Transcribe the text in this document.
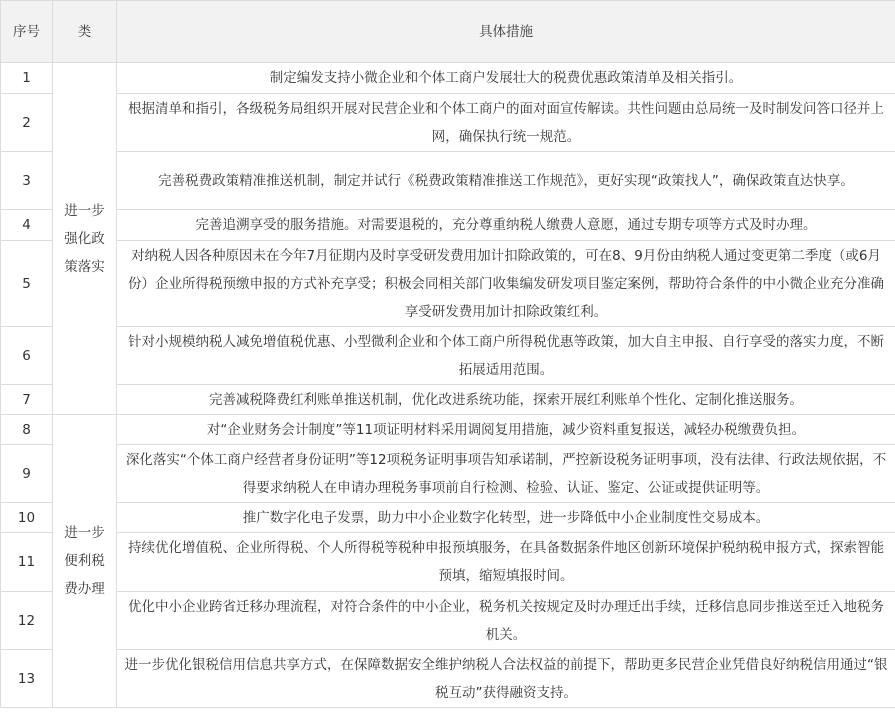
序号	类	具体措施
1	进一步强化政策落实	制定编发支持小微企业和个体工商户发展壮大的税费优惠政策清单及相关指引。
2		根据清单和指引，各级税务局组织开展对民营企业和个体工商户的面对面宣传解读。共性问题由总局统一及时制发问答口径并上网，确保执行统一规范。
3		完善税费政策精准推送机制，制定并试行《税费政策精准推送工作规范》，更好实现“政策找人”，确保政策直达快享。
4		完善追溯享受的服务措施。对需要退税的，充分尊重纳税人缴费人意愿，通过专期专项等方式及时办理。
5		对纳税人因各种原因未在今年7月征期内及时享受研发费用加计扣除政策的，可在8、9月份由纳税人通过变更第二季度（或6月份）企业所得税预缴申报的方式补充享受；积极会同相关部门收集编发研发项目鉴定案例，帮助符合条件的中小微企业充分准确享受研发费用加计扣除政策红利。
6		针对小规模纳税人减免增值税优惠、小型微利企业和个体工商户所得税优惠等政策，加大自主申报、自行享受的落实力度，不断拓展适用范围。
7		完善减税降费红利账单推送机制，优化改进系统功能，探索开展红利账单个性化、定制化推送服务。
8	进一步便利税费办理	对“企业财务会计制度”等11项证明材料采用调阅复用措施，减少资料重复报送，减轻办税缴费负担。
9		深化落实“个体工商户经营者身份证明”等12项税务证明事项告知承诺制，严控新设税务证明事项，没有法律、行政法规依据，不得要求纳税人在申请办理税务事项前自行检测、检验、认证、鉴定、公证或提供证明等。
10		推广数字化电子发票，助力中小企业数字化转型，进一步降低中小企业制度性交易成本。
11		持续优化增值税、企业所得税、个人所得税等税种申报预填服务，在具备数据条件地区创新环境保护税纳税申报方式，探索智能预填，缩短填报时间。
12		优化中小企业跨省迁移办理流程，对符合条件的中小企业，税务机关按规定及时办理迁出手续，迁移信息同步推送至迁入地税务机关。
13		进一步优化银税信用信息共享方式，在保障数据安全维护纳税人合法权益的前提下，帮助更多民营企业凭借良好纳税信用通过“银税互动”获得融资支持。
